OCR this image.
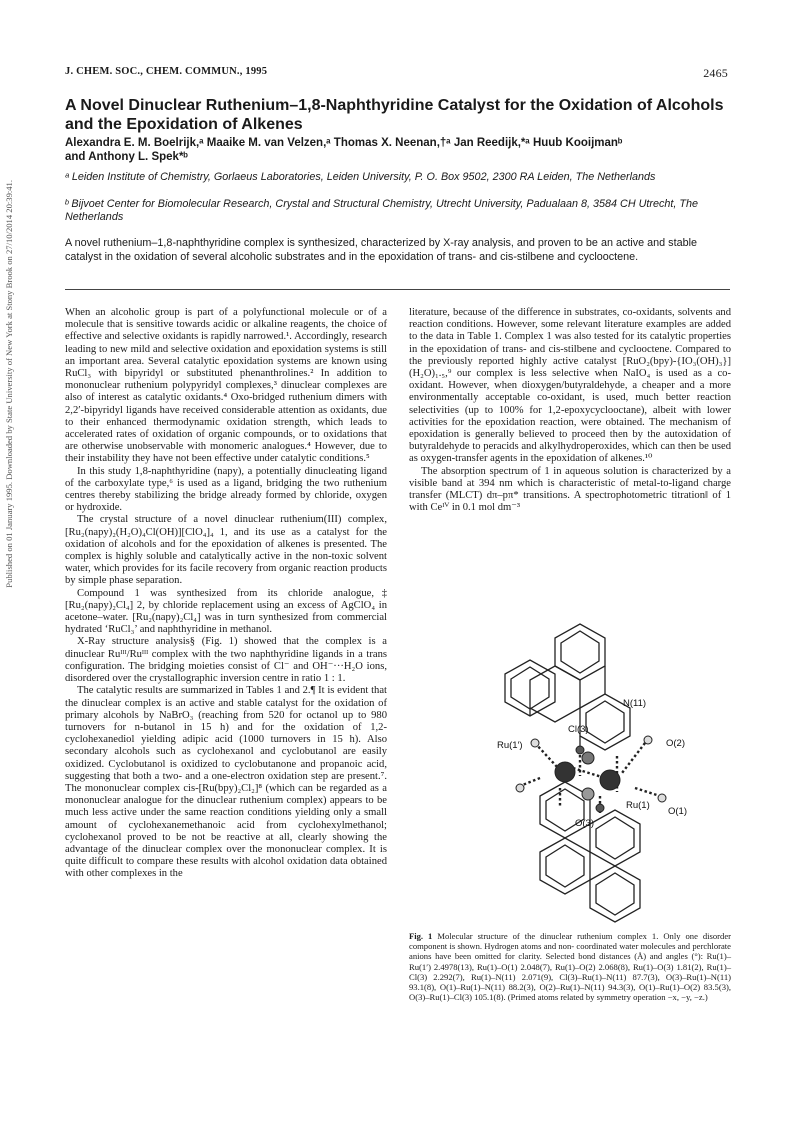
Published on 01 January 1995. Downloaded by State University of New York at Stony Brook on 27/10/2014 20:39:41.
J. CHEM. SOC., CHEM. COMMUN., 1995	2465
A Novel Dinuclear Ruthenium–1,8-Naphthyridine Catalyst for the Oxidation of Alcohols and the Epoxidation of Alkenes
Alexandra E. M. Boelrijk,ᵃ Maaike M. van Velzen,ᵃ Thomas X. Neenan,†ᵃ Jan Reedijk,*ᵃ Huub Kooijmanᵇ
and Anthony L. Spek*ᵇ
ᵃ Leiden Institute of Chemistry, Gorlaeus Laboratories, Leiden University, P. O. Box 9502, 2300 RA Leiden, The Netherlands
ᵇ Bijvoet Center for Biomolecular Research, Crystal and Structural Chemistry, Utrecht University, Padualaan 8, 3584 CH Utrecht, The Netherlands
A novel ruthenium–1,8-naphthyridine complex is synthesized, characterized by X-ray analysis, and proven to be an active and stable catalyst in the oxidation of several alcoholic substrates and in the epoxidation of trans- and cis-stilbene and cyclooctene.

When an alcoholic group is part of a polyfunctional molecule or of a molecule that is sensitive towards acidic or alkaline reagents, the choice of effective and selective oxidants is rapidly narrowed.¹. Accordingly, research leading to new mild and selective oxidation and epoxidation systems is still an important area. Several catalytic epoxidation systems are known using RuCl₃ with bipyridyl or substituted phenanthrolines.² In addition to mononuclear ruthenium polypyridyl complexes,³ dinuclear complexes are also of interest as catalytic oxidants.⁴ Oxo-bridged ruthenium dimers with 2,2′-bipyridyl ligands have received considerable attention as oxidants, due to their enhanced thermodynamic oxidation strength, which leads to accelerated rates of oxidation of organic compounds, or to oxidations that are otherwise unobservable with monomeric analogues.⁴ However, due to their instability they have not been effective under catalytic conditions.⁵

In this study 1,8-naphthyridine (napy), a potentially dinucleating ligand of the carboxylate type,⁶ is used as a ligand, bridging the two ruthenium centres thereby stabilizing the bridge already formed by chloride, oxygen or hydroxide.

The crystal structure of a novel dinuclear ruthenium(III) complex, [Ru₂(napy)₂(H₂O)₄Cl(OH)][ClO₄]₄ 1, and its use as a catalyst for the oxidation of alcohols and for the epoxidation of alkenes is presented. The complex is highly soluble and catalytically active in the non-toxic solvent water, which provides for its facile recovery from organic reaction products by simple phase separation.

Compound 1 was synthesized from its chloride analogue,‡ [Ru₂(napy)₂Cl₄] 2, by chloride replacement using an excess of AgClO₄ in acetone–water. [Ru₂(napy)₂Cl₄] was in turn synthesized from commercial hydrated ‘RuCl₃’ and naphthyridine in methanol.

X-Ray structure analysis§ (Fig. 1) showed that the complex is a dinuclear Ruᴵᴵᴵ/Ruᴵᴵᴵ complex with the two naphthyridine ligands in a trans configuration. The bridging moieties consist of Cl⁻ and OH⁻···H₂O ions, disordered over the crystallographic inversion centre in ratio 1 : 1.

The catalytic results are summarized in Tables 1 and 2.¶ It is evident that the dinuclear complex is an active and stable catalyst for the oxidation of primary alcohols by NaBrO₃ (reaching from 520 for octanol up to 980 turnovers for n-butanol in 15 h) and for the oxidation of 1,2-cyclohexanediol yielding adipic acid (1000 turnovers in 15 h). Also secondary alcohols such as cyclohexanol and cyclobutanol are easily oxidized. Cyclobutanol is oxidized to cyclobutanone and propanoic acid, suggesting that both a two- and a one-electron oxidation step are present.⁷. The mononuclear complex cis-[Ru(bpy)₂Cl₂]⁸ (which can be regarded as a mononuclear analogue for the dinuclear ruthenium complex) appears to be much less active under the same reaction conditions yielding only a small amount of cyclohexanemethanoic acid from cyclohexylmethanol; cyclohexanol proved to be not be reactive at all, clearly showing the advantage of the dinuclear complex over the mononuclear complex. It is quite difficult to compare these results with alcohol oxidation data obtained with other complexes in the

literature, because of the difference in substrates, co-oxidants, solvents and reaction conditions. However, some relevant literature examples are added to the data in Table 1. Complex 1 was also tested for its catalytic properties in the epoxidation of trans- and cis-stilbene and cyclooctene. Compared to the previously reported highly active catalyst [RuO₂(bpy)-{IO₃(OH)₃}](H₂O)₁.₅,⁹ our complex is less selective when NaIO₄ is used as a co-oxidant. However, when dioxygen/butyraldehyde, a cheaper and a more environmentally acceptable co-oxidant, is used, much better reaction selectivities (up to 100% for 1,2-epoxycyclooctane), albeit with lower activities for the epoxidation reaction, were obtained. The mechanism of epoxidation is generally believed to proceed then by the autoxidation of butyraldehyde to peracids and alkylhydroperoxides, which can then be used as oxygen-transfer agents in the epoxidation of alkenes.¹⁰

The absorption spectrum of 1 in aqueous solution is characterized by a visible band at 394 nm which is characteristic of metal-to-ligand charge transfer (MLCT) dπ–pπ* transitions. A spectrophotometric titration‖ of 1 with Ceᴵⱽ in 0.1 mol dm⁻³

N(11)
Cl(3)
Ru(1′)	O(2)
Ru(1)
O(1)
O(3)
Fig. 1 Molecular structure of the dinuclear ruthenium complex 1. Only one disorder component is shown. Hydrogen atoms and non- coordinated water molecules and perchlorate anions have been omitted for clarity. Selected bond distances (Å) and angles (°): Ru(1)–Ru(1′) 2.4978(13), Ru(1)–O(1) 2.048(7), Ru(1)–O(2) 2.068(8), Ru(1)–O(3) 1.81(2), Ru(1)–Cl(3) 2.292(7), Ru(1)–N(11) 2.071(9), Cl(3)–Ru(1)–N(11) 87.7(3), O(3)–Ru(1)–N(11) 93.1(8), O(1)–Ru(1)–N(11) 88.2(3), O(2)–Ru(1)–N(11) 94.3(3), O(1)–Ru(1)–O(2) 83.5(3), O(3)–Ru(1)–Cl(3) 105.1(8). (Primed atoms related by symmetry operation −x, −y, −z.)
